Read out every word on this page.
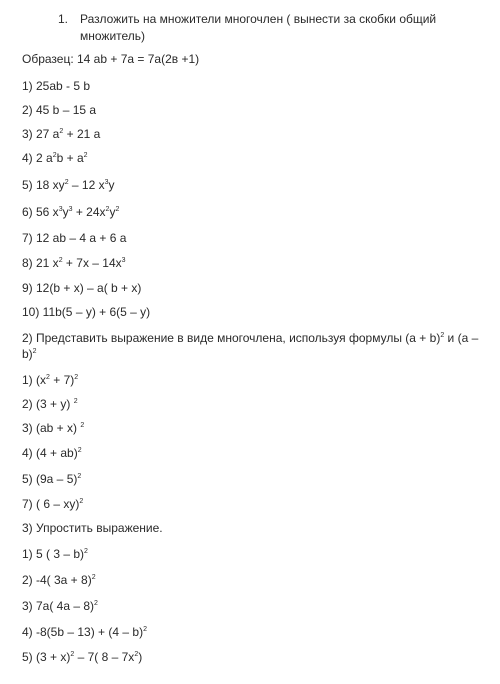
1. Разложить на множители многочлен ( вынести за скобки общий
множитель)
Образец: 14 ab + 7a = 7a(2в +1)
1) 25ab - 5 b
2) 45 b – 15 a
3) 27 $a^2 + 21$ a
4) 2 $a^2b + a^2$
5) 18 $xy^2 - 12$ $x^3y$
6) 56 $x^3y^3 + 24x^2y^2$
7) 12 ab – 4 a + 6 a
8) 21 $x^2 + 7x - 14x^3$
9) 12(b + x) – a( b + x)
10) 11b(5 – y) + 6(5 – y)
2) Представить выражение в виде многочлена, используя формулы $(a + b)^2$ и (a –
b)$^2$
1) $(x^2 + 7)^2$
2) (3 + y) $^2$
3) (ab + x) $^2$
4) (4 + ab)$^2$
5) (9a – 5)$^2$
7) ( 6 – xy)$^2$
3) Упростить выражение.
1) 5 ( 3 – b)$^2$
2) -4( 3a + 8)$^2$
3) 7a( 4a – 8)$^2$
4) -8(5b – 13) + (4 – b)$^2$
5) $(3 + x)^2 - 7$( $8 - 7x^2$)
